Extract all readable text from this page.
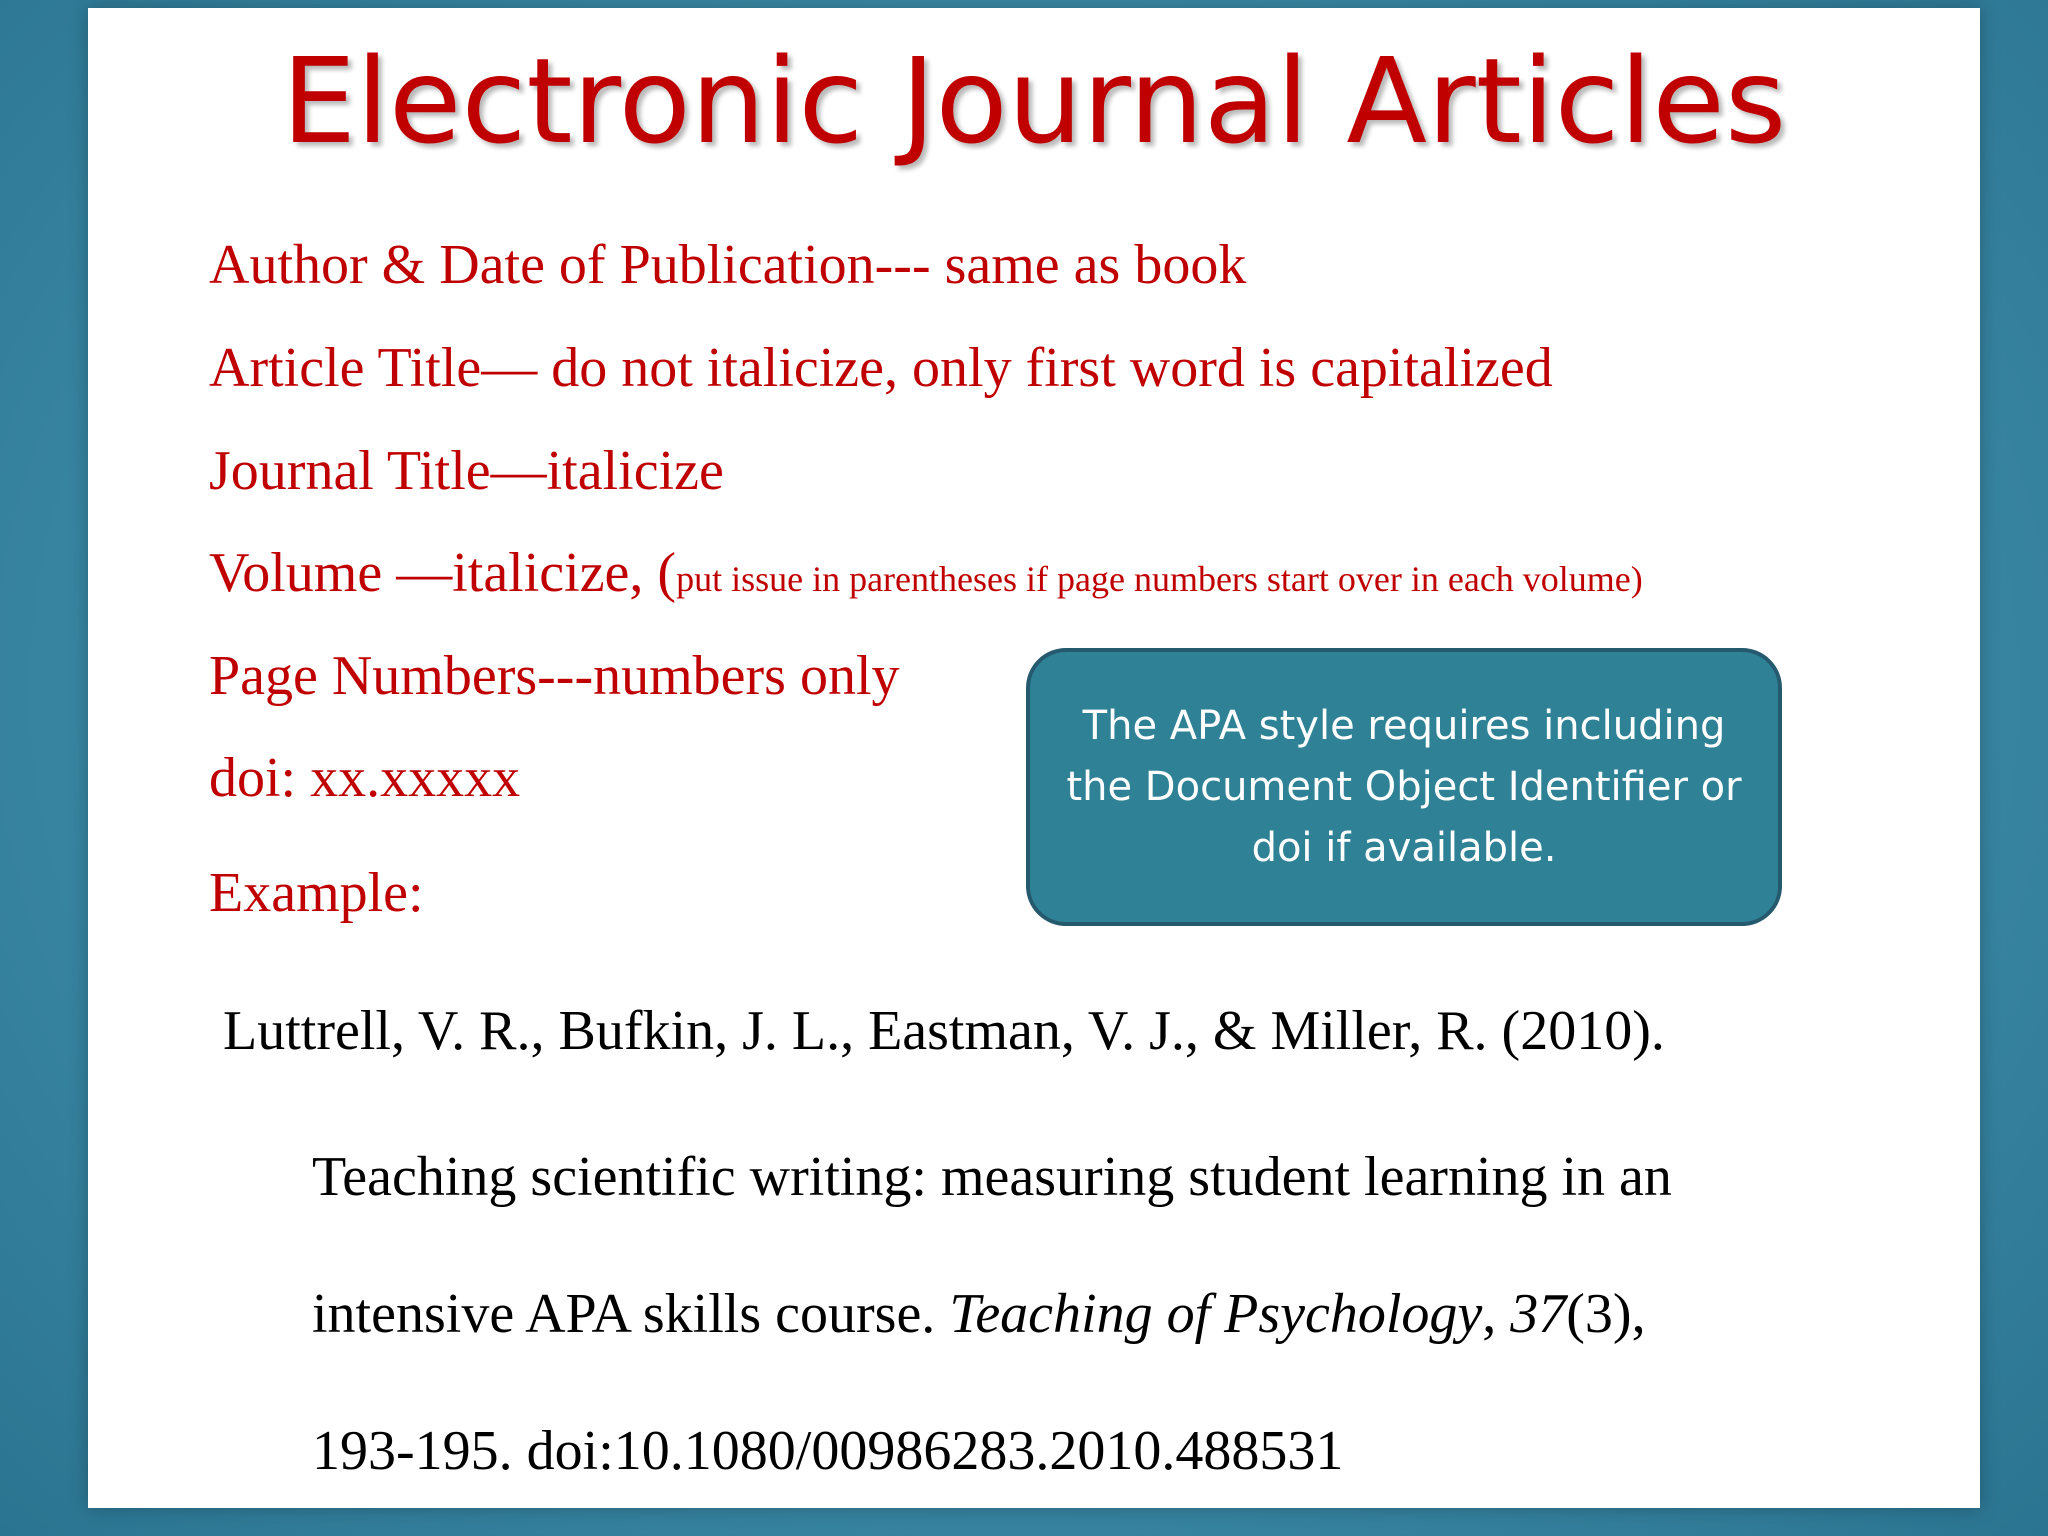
Electronic Journal Articles
Author & Date of Publication--- same as book
Article Title— do not italicize, only first word is capitalized
Journal Title—italicize
Volume —italicize, (put issue in parentheses if page numbers start over in each volume)
Page Numbers---numbers only
doi: xx.xxxxx
Example:
The APA style requires including the Document Object Identifier or doi if available.
Luttrell, V. R., Bufkin, J. L., Eastman, V. J., & Miller, R. (2010).
Teaching scientific writing: measuring student learning in an
intensive APA skills course. Teaching of Psychology, 37(3),
193-195. doi:10.1080/00986283.2010.488531
